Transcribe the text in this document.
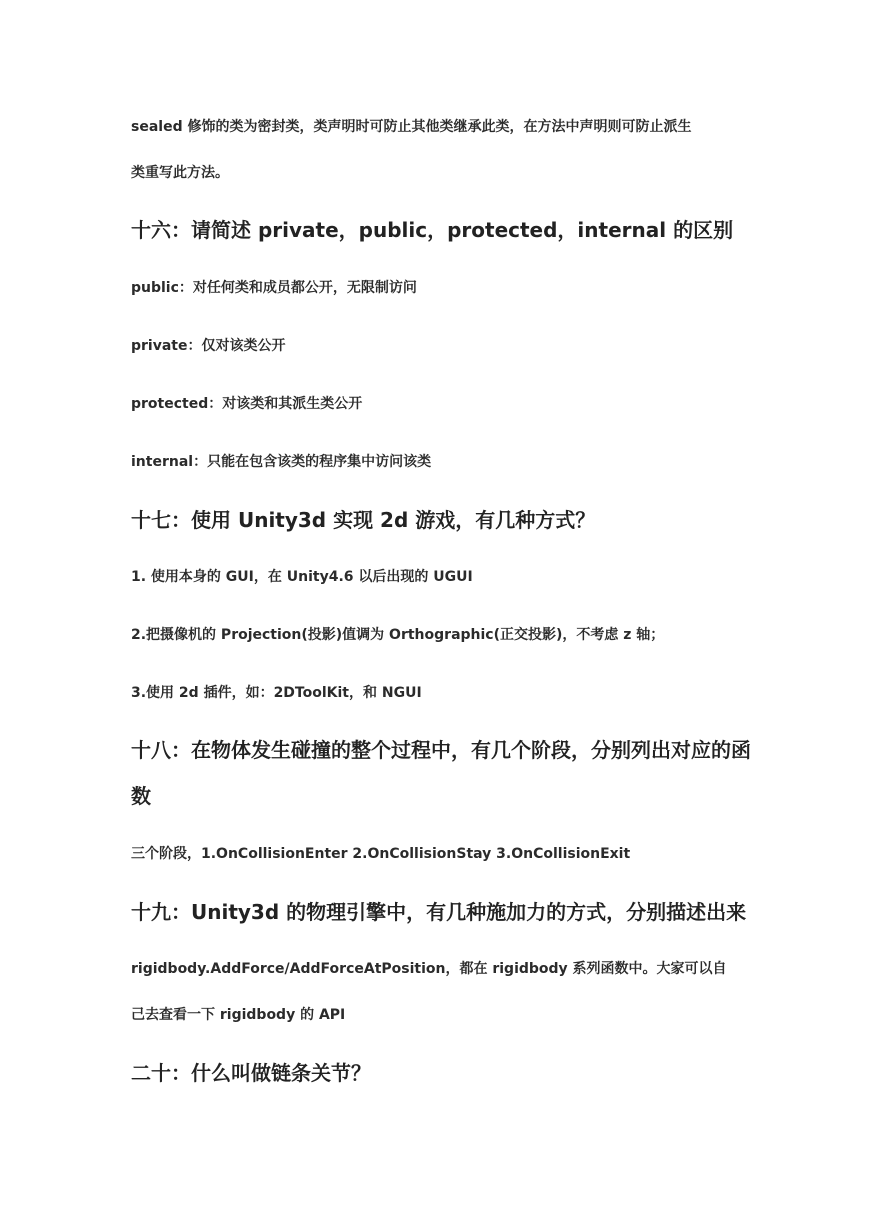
sealed 修饰的类为密封类，类声明时可防止其他类继承此类，在方法中声明则可防止派生
类重写此方法。
十六：请简述 private，public，protected，internal 的区别
public：对任何类和成员都公开，无限制访问
private：仅对该类公开
protected：对该类和其派生类公开
internal：只能在包含该类的程序集中访问该类
十七：使用 Unity3d 实现 2d 游戏，有几种方式？
1. 使用本身的 GUI，在 Unity4.6 以后出现的 UGUI
2.把摄像机的 Projection(投影)值调为 Orthographic(正交投影)，不考虑 z 轴；
3.使用 2d 插件，如：2DToolKit，和 NGUI
十八：在物体发生碰撞的整个过程中，有几个阶段，分别列出对应的函
数
三个阶段，1.OnCollisionEnter 2.OnCollisionStay 3.OnCollisionExit
十九：Unity3d 的物理引擎中，有几种施加力的方式，分别描述出来
rigidbody.AddForce/AddForceAtPosition，都在 rigidbody 系列函数中。大家可以自
己去查看一下 rigidbody 的 API
二十：什么叫做链条关节？
